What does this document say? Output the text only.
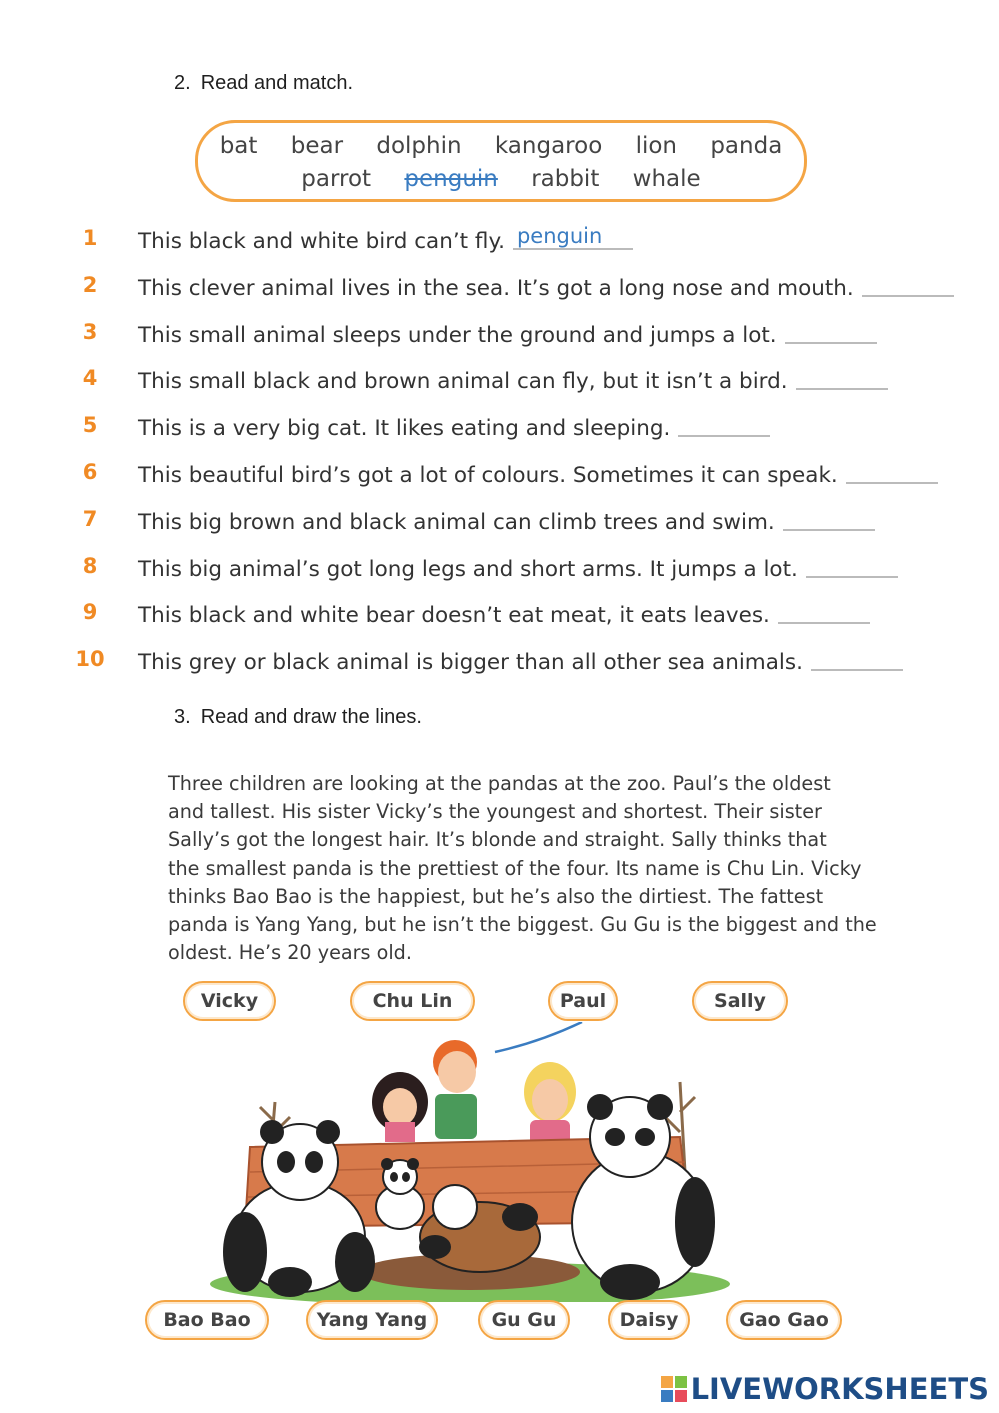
2. Read and match.
bat bear dolphin kangaroo lion panda
parrot penguin rabbit whale
1	This black and white bird can’t fly. penguin
2	This clever animal lives in the sea. It’s got a long nose and mouth.
3	This small animal sleeps under the ground and jumps a lot.
4	This small black and brown animal can fly, but it isn’t a bird.
5	This is a very big cat. It likes eating and sleeping.
6	This beautiful bird’s got a lot of colours. Sometimes it can speak.
7	This big brown and black animal can climb trees and swim.
8	This big animal’s got long legs and short arms. It jumps a lot.
9	This black and white bear doesn’t eat meat, it eats leaves.
10 This grey or black animal is bigger than all other sea animals.
3. Read and draw the lines.
Three children are looking at the pandas at the zoo. Paul’s the oldest
and tallest. His sister Vicky’s the youngest and shortest. Their sister
Sally’s got the longest hair. It’s blonde and straight. Sally thinks that
the smallest panda is the prettiest of the four. Its name is Chu Lin. Vicky
thinks Bao Bao is the happiest, but he’s also the dirtiest. The fattest
panda is Yang Yang, but he isn’t the biggest. Gu Gu is the biggest and the
oldest. He’s 20 years old.
Vicky	Chu Lin	Paul	Sally
Bao Bao	Yang Yang	Gu Gu	Daisy	Gao Gao
LIVEWORKSHEETS
